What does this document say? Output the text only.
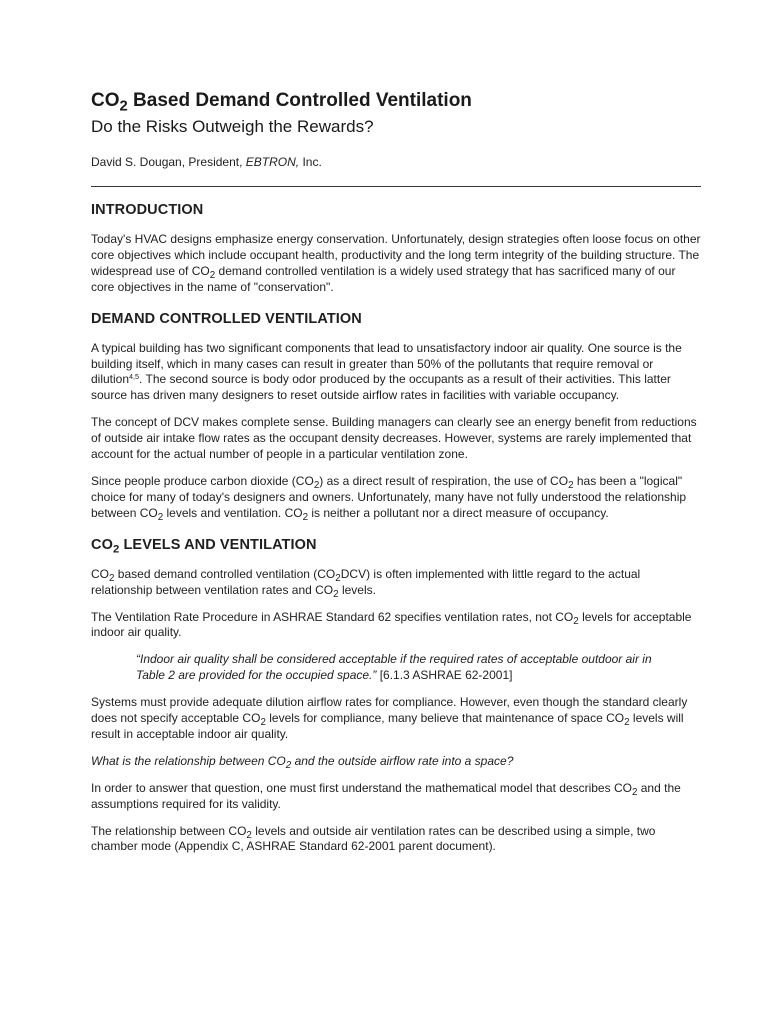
$CO_2$ Based Demand Controlled Ventilation
Do the Risks Outweigh the Rewards?
David S. Dougan, President, EBTRON, Inc.
INTRODUCTION

Today's HVAC designs emphasize energy conservation. Unfortunately, design strategies often loose focus on other core objectives which include occupant health, productivity and the long term integrity of the building structure. The widespread use of $CO_2$ demand controlled ventilation is a widely used strategy that has sacrificed many of our core objectives in the name of "conservation".

DEMAND CONTROLLED VENTILATION

A typical building has two significant components that lead to unsatisfactory indoor air quality. One source is the building itself, which in many cases can result in greater than 50% of the pollutants that require removal or dilution$^{4,5}$. The second source is body odor produced by the occupants as a result of their activities. This latter source has driven many designers to reset outside airflow rates in facilities with variable occupancy.

The concept of DCV makes complete sense. Building managers can clearly see an energy benefit from reductions of outside air intake flow rates as the occupant density decreases. However, systems are rarely implemented that account for the actual number of people in a particular ventilation zone.

Since people produce carbon dioxide $(CO_2)$ as a direct result of respiration, the use of $CO_2$ has been a "logical" choice for many of today's designers and owners. Unfortunately, many have not fully understood the relationship between $CO_2$ levels and ventilation. $CO_2$ is neither a pollutant nor a direct measure of occupancy.

$CO_2$ LEVELS AND VENTILATION

$CO_2$ based demand controlled ventilation $(CO_2DCV)$ is often implemented with little regard to the actual relationship between ventilation rates and $CO_2$ levels.

The Ventilation Rate Procedure in ASHRAE Standard 62 specifies ventilation rates, not $CO_2$ levels for acceptable indoor air quality.

“Indoor air quality shall be considered acceptable if the required rates of acceptable outdoor air in Table 2 are provided for the occupied space.” [6.1.3 ASHRAE 62-2001]

Systems must provide adequate dilution airflow rates for compliance. However, even though the standard clearly does not specify acceptable $CO_2$ levels for compliance, many believe that maintenance of space $CO_2$ levels will result in acceptable indoor air quality.

What is the relationship between $CO_2$ and the outside airflow rate into a space?

In order to answer that question, one must first understand the mathematical model that describes $CO_2$ and the assumptions required for its validity.

The relationship between $CO_2$ levels and outside air ventilation rates can be described using a simple, two chamber mode (Appendix C, ASHRAE Standard 62-2001 parent document).
